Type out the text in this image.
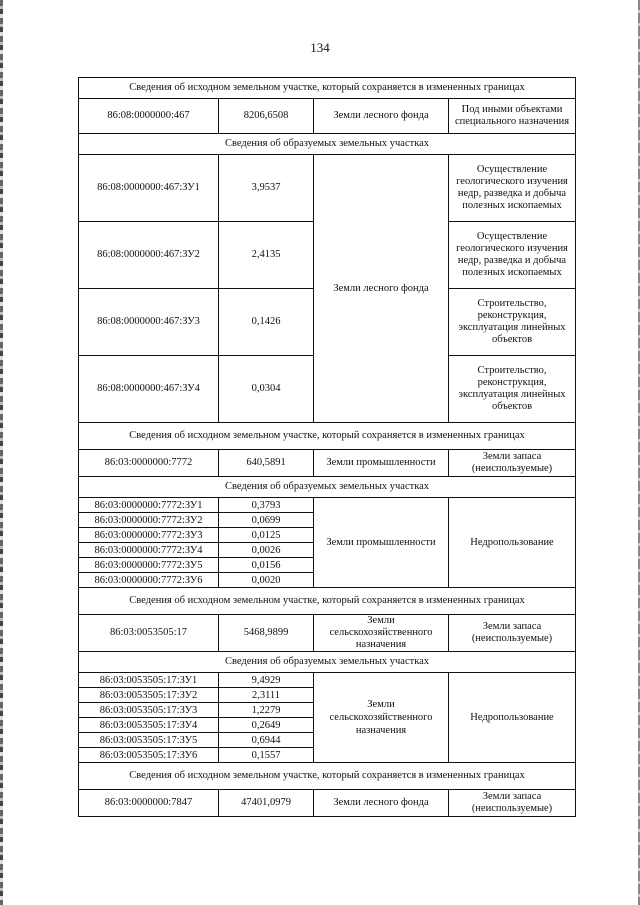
134
Сведения об исходном земельном участке, который сохраняется в измененных границах			
86:08:0000000:467	8206,6508	Земли лесного фонда	Под иными объектами специального назначения
Сведения об образуемых земельных участках			
86:08:0000000:467:ЗУ1	3,9537	Земли лесного фонда	Осуществление геологического изучения недр, разведка и добыча полезных ископаемых
86:08:0000000:467:ЗУ2	2,4135		Осуществление геологического изучения недр, разведка и добыча полезных ископаемых
86:08:0000000:467:ЗУ3	0,1426		Строительство, реконструкция, эксплуатация линейных объектов
86:08:0000000:467:ЗУ4	0,0304		Строительство, реконструкция, эксплуатация линейных объектов
Сведения об исходном земельном участке, который сохраняется в измененных границах			
86:03:0000000:7772	640,5891	Земли промышленности	Земли запаса (неиспользуемые)
Сведения об образуемых земельных участках			
86:03:0000000:7772:ЗУ1	0,3793	Земли промышленности	Недропользование
86:03:0000000:7772:ЗУ2	0,0699		
86:03:0000000:7772:ЗУ3	0,0125		
86:03:0000000:7772:ЗУ4	0,0026		
86:03:0000000:7772:ЗУ5	0,0156		
86:03:0000000:7772:ЗУ6	0,0020		
Сведения об исходном земельном участке, который сохраняется в измененных границах			
86:03:0053505:17	5468,9899	Земли сельскохозяйственного назначения	Земли запаса (неиспользуемые)
Сведения об образуемых земельных участках			
86:03:0053505:17:ЗУ1	9,4929	Земли сельскохозяйственного назначения	Недропользование
86:03:0053505:17:ЗУ2	2,3111		
86:03:0053505:17:ЗУ3	1,2279		
86:03:0053505:17:ЗУ4	0,2649		
86:03:0053505:17:ЗУ5	0,6944		
86:03:0053505:17:ЗУ6	0,1557		
Сведения об исходном земельном участке, который сохраняется в измененных границах			
86:03:0000000:7847	47401,0979	Земли лесного фонда	Земли запаса (неиспользуемые)
